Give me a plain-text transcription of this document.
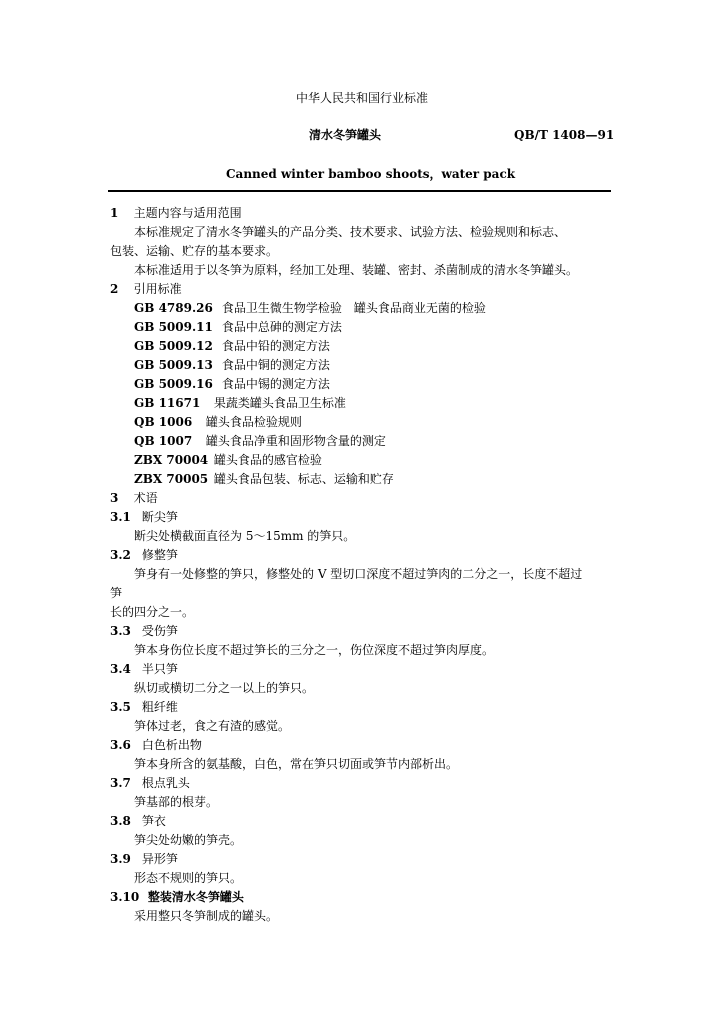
中华人民共和国行业标准
清水冬笋罐头	QB/T 1408—91
Canned winter bamboo shoots，water pack
1 主题内容与适用范围
本标准规定了清水冬笋罐头的产品分类、技术要求、试验方法、检验规则和标志、
包装、运输、贮存的基本要求。
本标准适用于以冬笋为原料，经加工处理、装罐、密封、杀菌制成的清水冬笋罐头。
2 引用标准
GB 4789.26 食品卫生微生物学检验　罐头食品商业无菌的检验
GB 5009.11 食品中总砷的测定方法
GB 5009.12 食品中铅的测定方法
GB 5009.13 食品中铜的测定方法
GB 5009.16 食品中锡的测定方法
GB 11671 果蔬类罐头食品卫生标准
QB 1006 罐头食品检验规则
QB 1007 罐头食品净重和固形物含量的测定
ZBX 70004 罐头食品的感官检验
ZBX 70005 罐头食品包装、标志、运输和贮存
3 术语
3.1 断尖笋
断尖处横截面直径为 5～15mm 的笋只。
3.2 修整笋
笋身有一处修整的笋只，修整处的 V 型切口深度不超过笋肉的二分之一，长度不超过
笋
长的四分之一。
3.3 受伤笋
笋本身伤位长度不超过笋长的三分之一，伤位深度不超过笋肉厚度。
3.4 半只笋
纵切或横切二分之一以上的笋只。
3.5 粗纤维
笋体过老，食之有渣的感觉。
3.6 白色析出物
笋本身所含的氨基酸，白色，常在笋只切面或笋节内部析出。
3.7 根点乳头
笋基部的根芽。
3.8 笋衣
笋尖处幼嫩的笋壳。
3.9 异形笋
形态不规则的笋只。
3.10 整装清水冬笋罐头
采用整只冬笋制成的罐头。
